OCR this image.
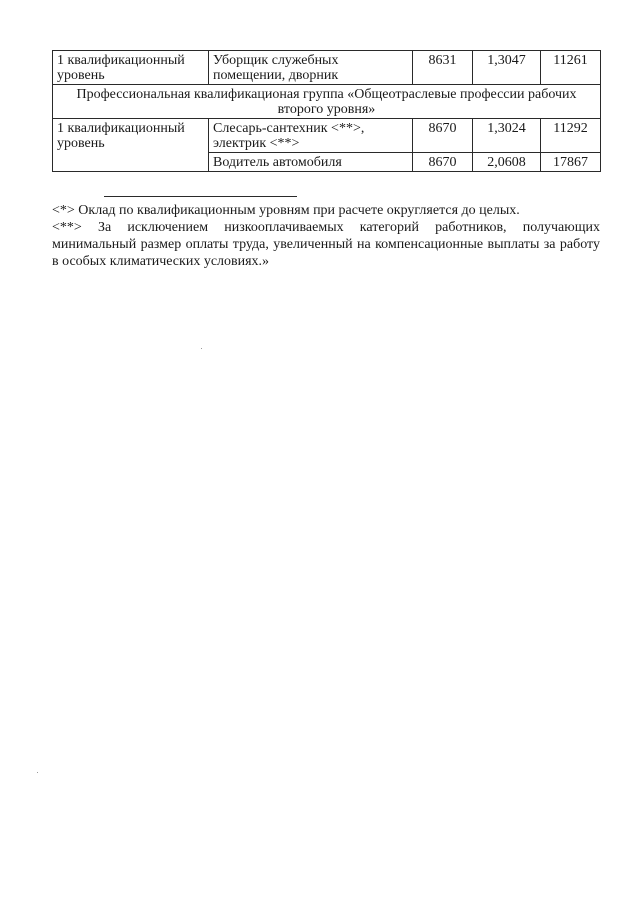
1 квалификационный уровень	Уборщик служебных помещении, дворник	8631	1,3047	11261
Профессиональная квалификационая группа «Общеотраслевые профессии рабочих второго уровня»				
1 квалификационный уровень	Слесарь-сантехник <**>, электрик <**>	8670	1,3024	11292
	Водитель автомобиля	8670	2,0608	17867

<*> Оклад по квалификационным уровням при расчете округляется до целых.

<**> За исключением низкооплачиваемых категорий работников, получающих минимальный размер оплаты труда, увеличенный на компенсационные выплаты за работу в особых климатических условиях.»
